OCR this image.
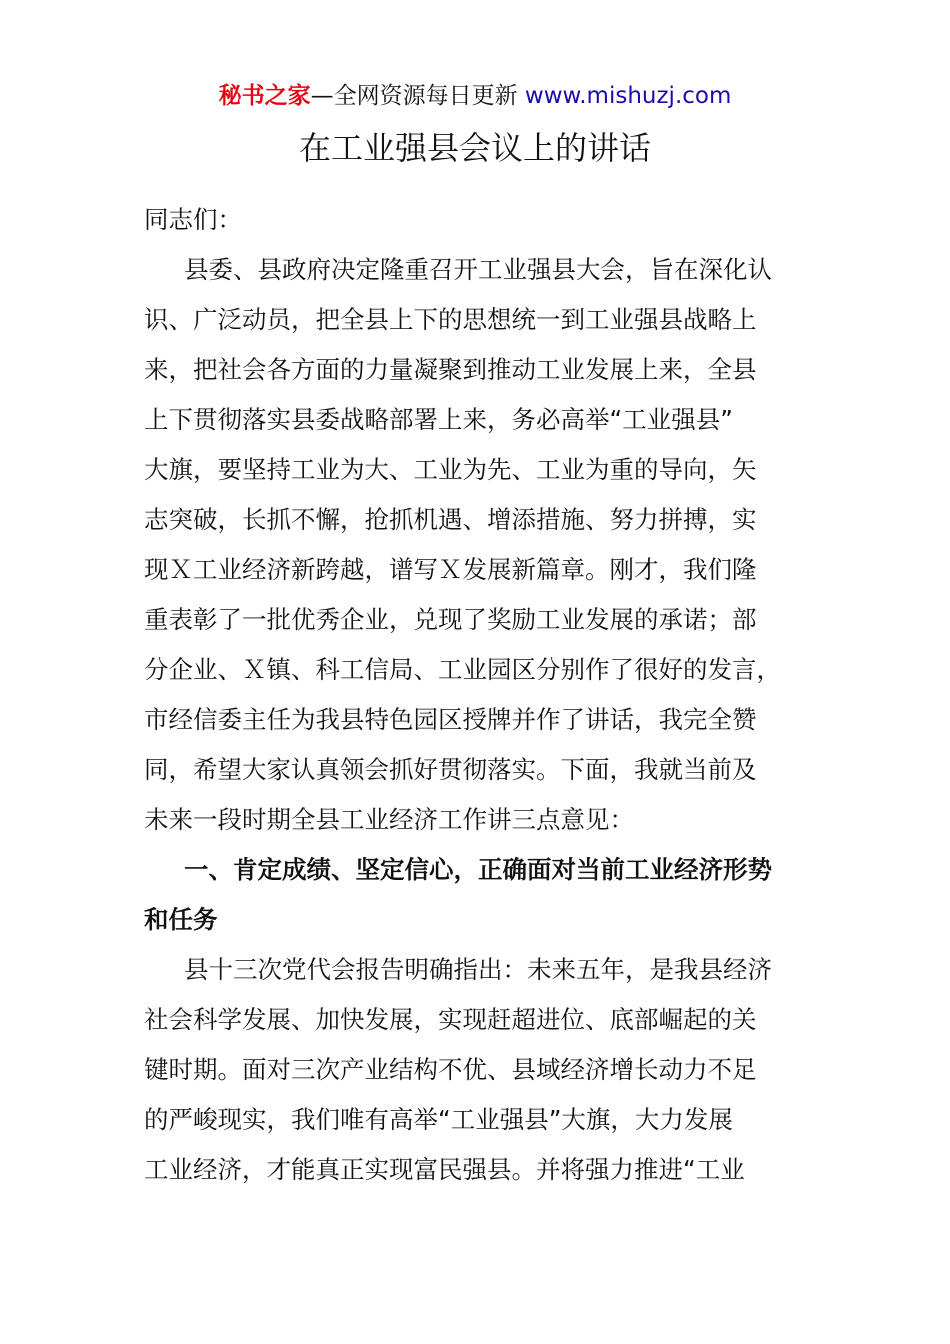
秘书之家—全网资源每日更新 www.mishuzj.com
在工业强县会议上的讲话

同志们：

县委、县政府决定隆重召开工业强县大会，旨在深化认

识、广泛动员，把全县上下的思想统一到工业强县战略上

来，把社会各方面的力量凝聚到推动工业发展上来，全县

上下贯彻落实县委战略部署上来，务必高举“工业强县”

大旗，要坚持工业为大、工业为先、工业为重的导向，矢

志突破，长抓不懈，抢抓机遇、增添措施、努力拼搏，实

现Ｘ工业经济新跨越，谱写Ｘ发展新篇章。刚才，我们隆

重表彰了一批优秀企业，兑现了奖励工业发展的承诺；部

分企业、Ｘ镇、科工信局、工业园区分别作了很好的发言，

市经信委主任为我县特色园区授牌并作了讲话，我完全赞

同，希望大家认真领会抓好贯彻落实。下面，我就当前及

未来一段时期全县工业经济工作讲三点意见：

一、肯定成绩、坚定信心，正确面对当前工业经济形势

和任务

县十三次党代会报告明确指出：未来五年，是我县经济

社会科学发展、加快发展，实现赶超进位、底部崛起的关

键时期。面对三次产业结构不优、县域经济增长动力不足

的严峻现实，我们唯有高举“工业强县”大旗，大力发展

工业经济，才能真正实现富民强县。并将强力推进“工业
